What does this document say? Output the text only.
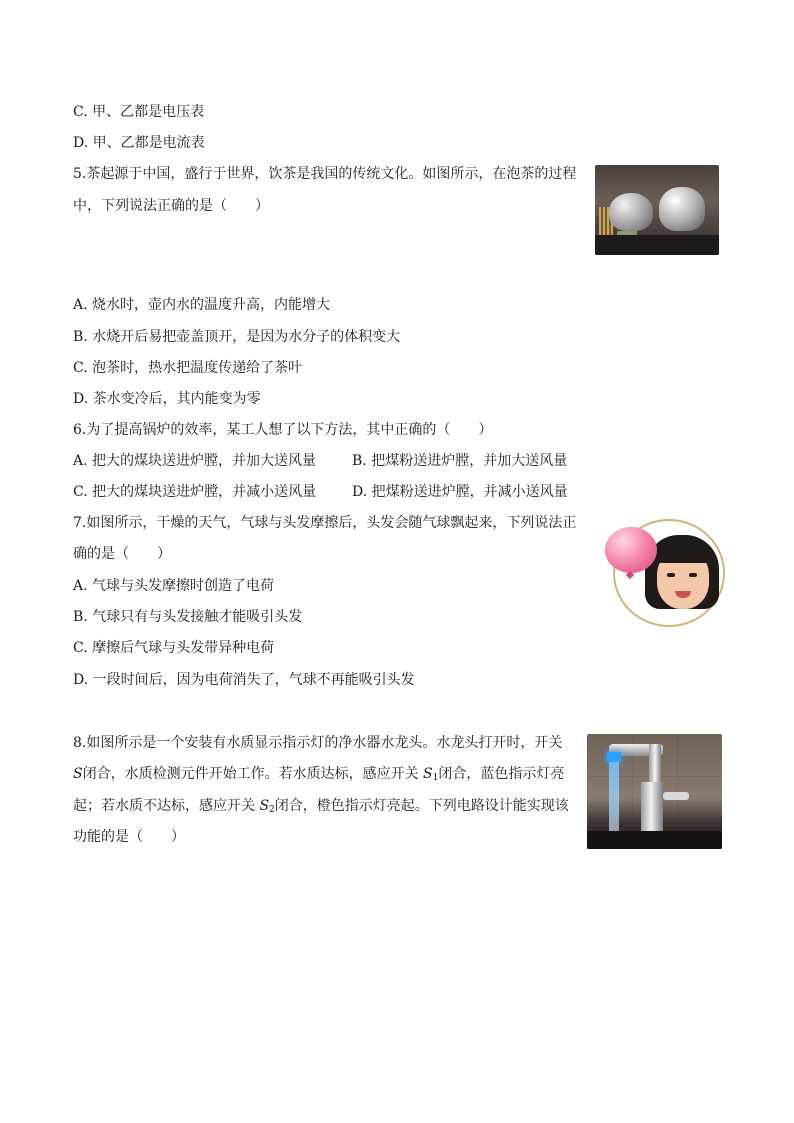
C. 甲、乙都是电压表
D. 甲、乙都是电流表
5.茶起源于中国，盛行于世界，饮茶是我国的传统文化。如图所示，在泡茶的过程
中，下列说法正确的是（　　）
A. 烧水时，壶内水的温度升高，内能增大
B. 水烧开后易把壶盖顶开，是因为水分子的体积变大
C. 泡茶时，热水把温度传递给了茶叶
D. 茶水变冷后，其内能变为零
6.为了提高锅炉的效率，某工人想了以下方法，其中正确的（　　）
A. 把大的煤块送进炉膛，并加大送风量	B. 把煤粉送进炉膛，并加大送风量
C. 把大的煤块送进炉膛，并减小送风量	D. 把煤粉送进炉膛，并减小送风量
7.如图所示，干燥的天气，气球与头发摩擦后，头发会随气球飘起来，下列说法正
确的是（　　）
A. 气球与头发摩擦时创造了电荷
B. 气球只有与头发接触才能吸引头发
C. 摩擦后气球与头发带异种电荷
D. 一段时间后，因为电荷消失了，气球不再能吸引头发
8.如图所示是一个安装有水质显示指示灯的净水器水龙头。水龙头打开时，开关
S闭合，水质检测元件开始工作。若水质达标，感应开关 $S_1$闭合，蓝色指示灯亮
起；若水质不达标，感应开关 $S_2$闭合，橙色指示灯亮起。下列电路设计能实现该
功能的是（　　）
